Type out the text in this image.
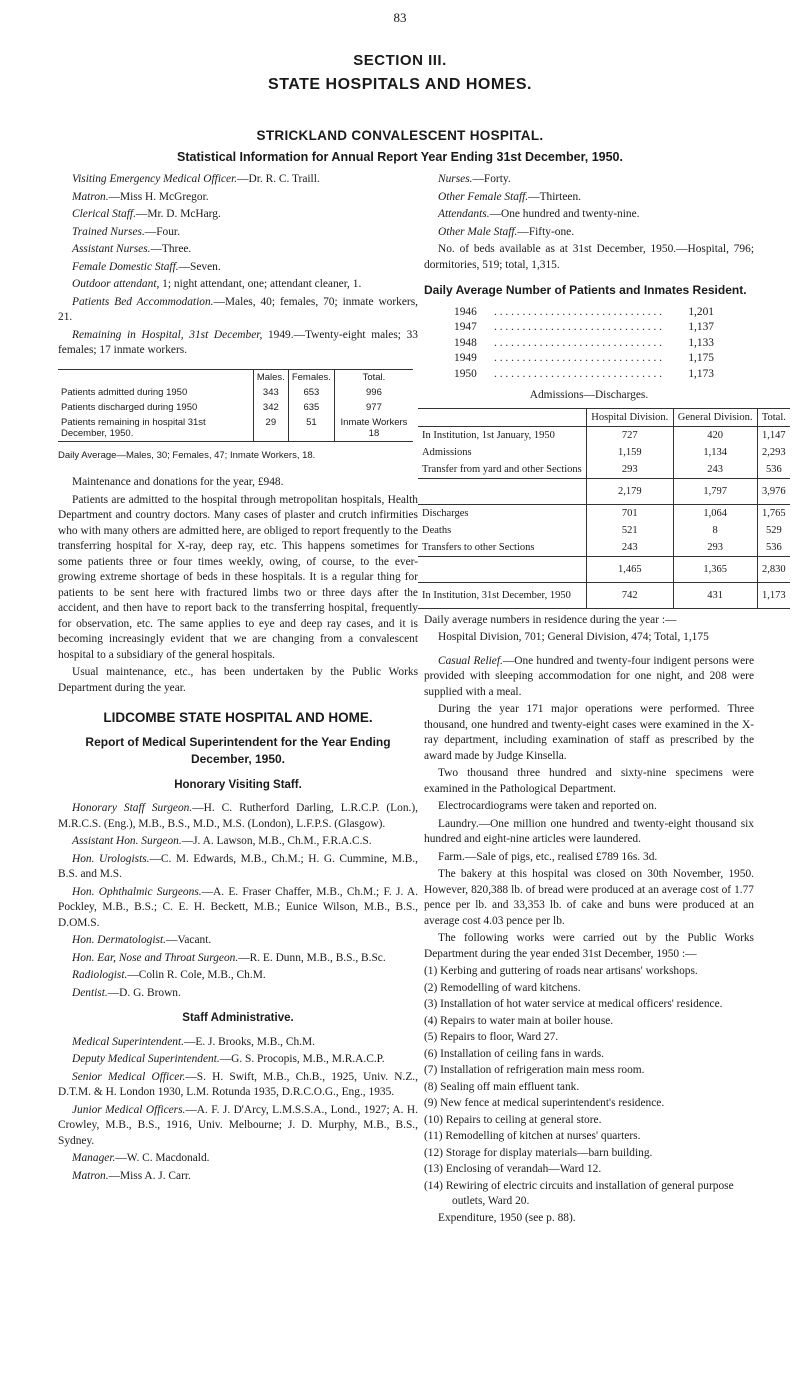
83
SECTION III.
STATE HOSPITALS AND HOMES.
STRICKLAND CONVALESCENT HOSPITAL.
Statistical Information for Annual Report Year Ending 31st December, 1950.

Visiting Emergency Medical Officer.—Dr. R. C. Traill.

Matron.—Miss H. McGregor.

Clerical Staff.—Mr. D. McHarg.

Trained Nurses.—Four.

Assistant Nurses.—Three.

Female Domestic Staff.—Seven.

Outdoor attendant, 1; night attendant, one; attendant cleaner, 1.

Patients Bed Accommodation.—Males, 40; females, 70; inmate workers, 21.

Remaining in Hospital, 31st December, 1949.—Twenty-eight males; 33 females; 17 inmate workers.

	Males.	Females.	Total.
Patients admitted during 1950	343	653	996
Patients discharged during 1950	342	635	977
Patients remaining in hospital 31st December, 1950.	29	51	Inmate Workers 18
Daily Average—Males, 30; Females, 47; Inmate Workers, 18.

Maintenance and donations for the year, £948.

Patients are admitted to the hospital through metropolitan hospitals, Health Department and country doctors. Many cases of plaster and crutch infirmities who with many others are admitted here, are obliged to report frequently to the transferring hospital for X-ray, deep ray, etc. This happens sometimes for some patients three or four times weekly, owing, of course, to the ever-growing extreme shortage of beds in these hospitals. It is a regular thing for patients to be sent here with fractured limbs two or three days after the accident, and then have to report back to the transferring hospital, frequently for observation, etc. The same applies to eye and deep ray cases, and it is becoming increasingly evident that we are changing from a convalescent hospital to a subsidiary of the general hospitals.

Usual maintenance, etc., has been undertaken by the Public Works Department during the year.

LIDCOMBE STATE HOSPITAL AND HOME.
Report of Medical Superintendent for the Year Ending December, 1950.
Honorary Visiting Staff.

Honorary Staff Surgeon.—H. C. Rutherford Darling, L.R.C.P. (Lon.), M.R.C.S. (Eng.), M.B., B.S., M.D., M.S. (London), L.F.P.S. (Glasgow).

Assistant Hon. Surgeon.—J. A. Lawson, M.B., Ch.M., F.R.A.C.S.

Hon. Urologists.—C. M. Edwards, M.B., Ch.M.; H. G. Cummine, M.B., B.S. and M.S.

Hon. Ophthalmic Surgeons.—A. E. Fraser Chaffer, M.B., Ch.M.; F. J. A. Pockley, M.B., B.S.; C. E. H. Beckett, M.B.; Eunice Wilson, M.B., B.S., D.OM.S.

Hon. Dermatologist.—Vacant.

Hon. Ear, Nose and Throat Surgeon.—R. E. Dunn, M.B., B.S., B.Sc.

Radiologist.—Colin R. Cole, M.B., Ch.M.

Dentist.—D. G. Brown.

Staff Administrative.

Medical Superintendent.—E. J. Brooks, M.B., Ch.M.

Deputy Medical Superintendent.—G. S. Procopis, M.B., M.R.A.C.P.

Senior Medical Officer.—S. H. Swift, M.B., Ch.B., 1925, Univ. N.Z., D.T.M. & H. London 1930, L.M. Rotunda 1935, D.R.C.O.G., Eng., 1935.

Junior Medical Officers.—A. F. J. D'Arcy, L.M.S.S.A., Lond., 1927; A. H. Crowley, M.B., B.S., 1916, Univ. Melbourne; J. D. Murphy, M.B., B.S., Sydney.

Manager.—W. C. Macdonald.

Matron.—Miss A. J. Carr.

Nurses.—Forty.

Other Female Staff.—Thirteen.

Attendants.—One hundred and twenty-nine.

Other Male Staff.—Fifty-one.

No. of beds available as at 31st December, 1950.—Hospital, 796; dormitories, 519; total, 1,315.

Daily Average Number of Patients and Inmates Resident.
1946 . . .	1,201
1947 . . .	1,137
1948 . . .	1,133
1949 . . .	1,175
1950 . . .	1,173
Admissions—Discharges.
	Hospital Division.	General Division.	Total.
In Institution, 1st January, 1950	727	420	1,147
Admissions	1,159	1,134	2,293
Transfer from yard and other Sections	293	243	536
	2,179	1,797	3,976
Discharges	701	1,064	1,765
Deaths	521	8	529
Transfers to other Sections	243	293	536
	1,465	1,365	2,830
In Institution, 31st December, 1950	742	431	1,173

Daily average numbers in residence during the year :—

Hospital Division, 701; General Division, 474; Total, 1,175

Casual Relief.—One hundred and twenty-four indigent persons were provided with sleeping accommodation for one night, and 208 were supplied with a meal.

During the year 171 major operations were performed. Three thousand, one hundred and twenty-eight cases were examined in the X-ray department, including examination of staff as prescribed by the award made by Judge Kinsella.

Two thousand three hundred and sixty-nine specimens were examined in the Pathological Department.

Electrocardiograms were taken and reported on.

Laundry.—One million one hundred and twenty-eight thousand six hundred and eight-nine articles were laundered.

Farm.—Sale of pigs, etc., realised £789 16s. 3d.

The bakery at this hospital was closed on 30th November, 1950. However, 820,388 lb. of bread were produced at an average cost of 1.77 pence per lb. and 33,353 lb. of cake and buns were produced at an average cost 4.03 pence per lb.

The following works were carried out by the Public Works Department during the year ended 31st December, 1950 :—

(1) Kerbing and guttering of roads near artisans' workshops.
(2) Remodelling of ward kitchens.
(3) Installation of hot water service at medical officers' residence.
(4) Repairs to water main at boiler house.
(5) Repairs to floor, Ward 27.
(6) Installation of ceiling fans in wards.
(7) Installation of refrigeration main mess room.
(8) Sealing off main effluent tank.
(9) New fence at medical superintendent's residence.
(10) Repairs to ceiling at general store.
(11) Remodelling of kitchen at nurses' quarters.
(12) Storage for display materials—barn building.
(13) Enclosing of verandah—Ward 12.
(14) Rewiring of electric circuits and installation of general purpose outlets, Ward 20.

Expenditure, 1950 (see p. 88).
